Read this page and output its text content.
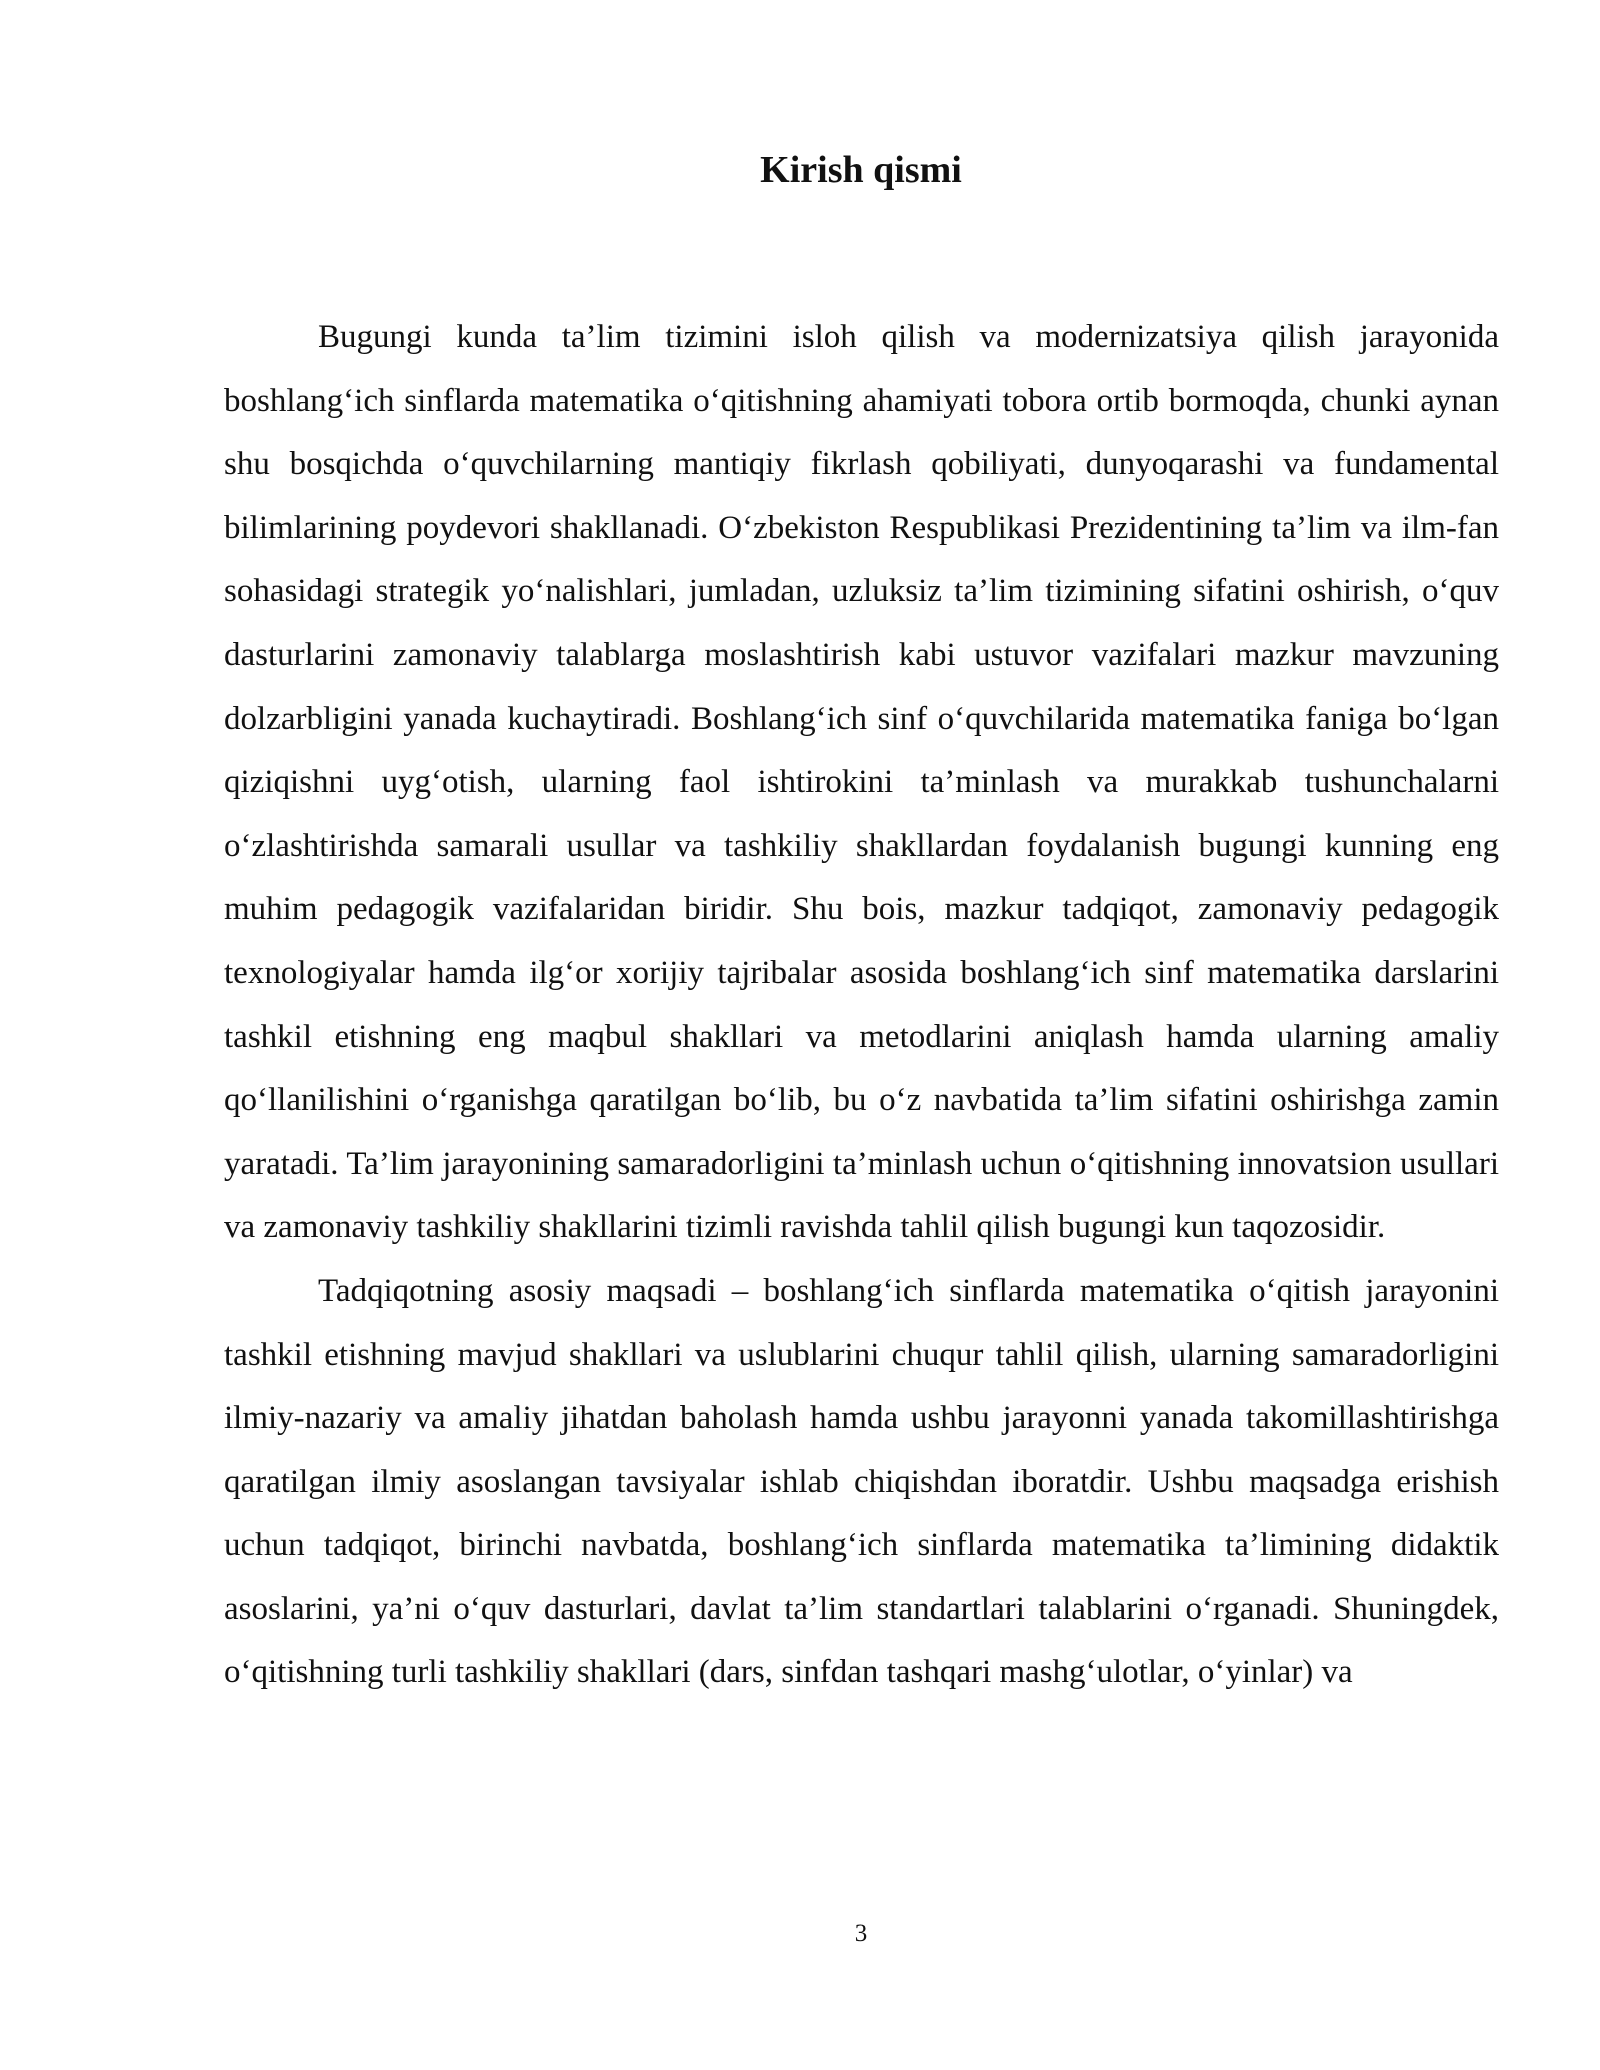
Kirish qismi

Bugungi kunda ta’lim tizimini isloh qilish va modernizatsiya qilish jarayonida boshlang‘ich sinflarda matematika o‘qitishning ahamiyati tobora ortib bormoqda, chunki aynan shu bosqichda o‘quvchilarning mantiqiy fikrlash qobiliyati, dunyoqarashi va fundamental bilimlarining poydevori shakllanadi. O‘zbekiston Respublikasi Prezidentining ta’lim va ilm-fan sohasidagi strategik yo‘nalishlari, jumladan, uzluksiz ta’lim tizimining sifatini oshirish, o‘quv dasturlarini zamonaviy talablarga moslashtirish kabi ustuvor vazifalari mazkur mavzuning dolzarbligini yanada kuchaytiradi. Boshlang‘ich sinf o‘quvchilarida matematika faniga bo‘lgan qiziqishni uyg‘otish, ularning faol ishtirokini ta’minlash va murakkab tushunchalarni o‘zlashtirishda samarali usullar va tashkiliy shakllardan foydalanish bugungi kunning eng muhim pedagogik vazifalaridan biridir. Shu bois, mazkur tadqiqot, zamonaviy pedagogik texnologiyalar hamda ilg‘or xorijiy tajribalar asosida boshlang‘ich sinf matematika darslarini tashkil etishning eng maqbul shakllari va metodlarini aniqlash hamda ularning amaliy qo‘llanilishini o‘rganishga qaratilgan bo‘lib, bu o‘z navbatida ta’lim sifatini oshirishga zamin yaratadi. Ta’lim jarayonining samaradorligini ta’minlash uchun o‘qitishning innovatsion usullari va zamonaviy tashkiliy shakllarini tizimli ravishda tahlil qilish bugungi kun taqozosidir.

Tadqiqotning asosiy maqsadi – boshlang‘ich sinflarda matematika o‘qitish jarayonini tashkil etishning mavjud shakllari va uslublarini chuqur tahlil qilish, ularning samaradorligini ilmiy-nazariy va amaliy jihatdan baholash hamda ushbu jarayonni yanada takomillashtirishga qaratilgan ilmiy asoslangan tavsiyalar ishlab chiqishdan iboratdir. Ushbu maqsadga erishish uchun tadqiqot, birinchi navbatda, boshlang‘ich sinflarda matematika ta’limining didaktik asoslarini, ya’ni o‘quv dasturlari, davlat ta’lim standartlari talablarini o‘rganadi. Shuningdek, o‘qitishning turli tashkiliy shakllari (dars, sinfdan tashqari mashg‘ulotlar, o‘yinlar) va

3
